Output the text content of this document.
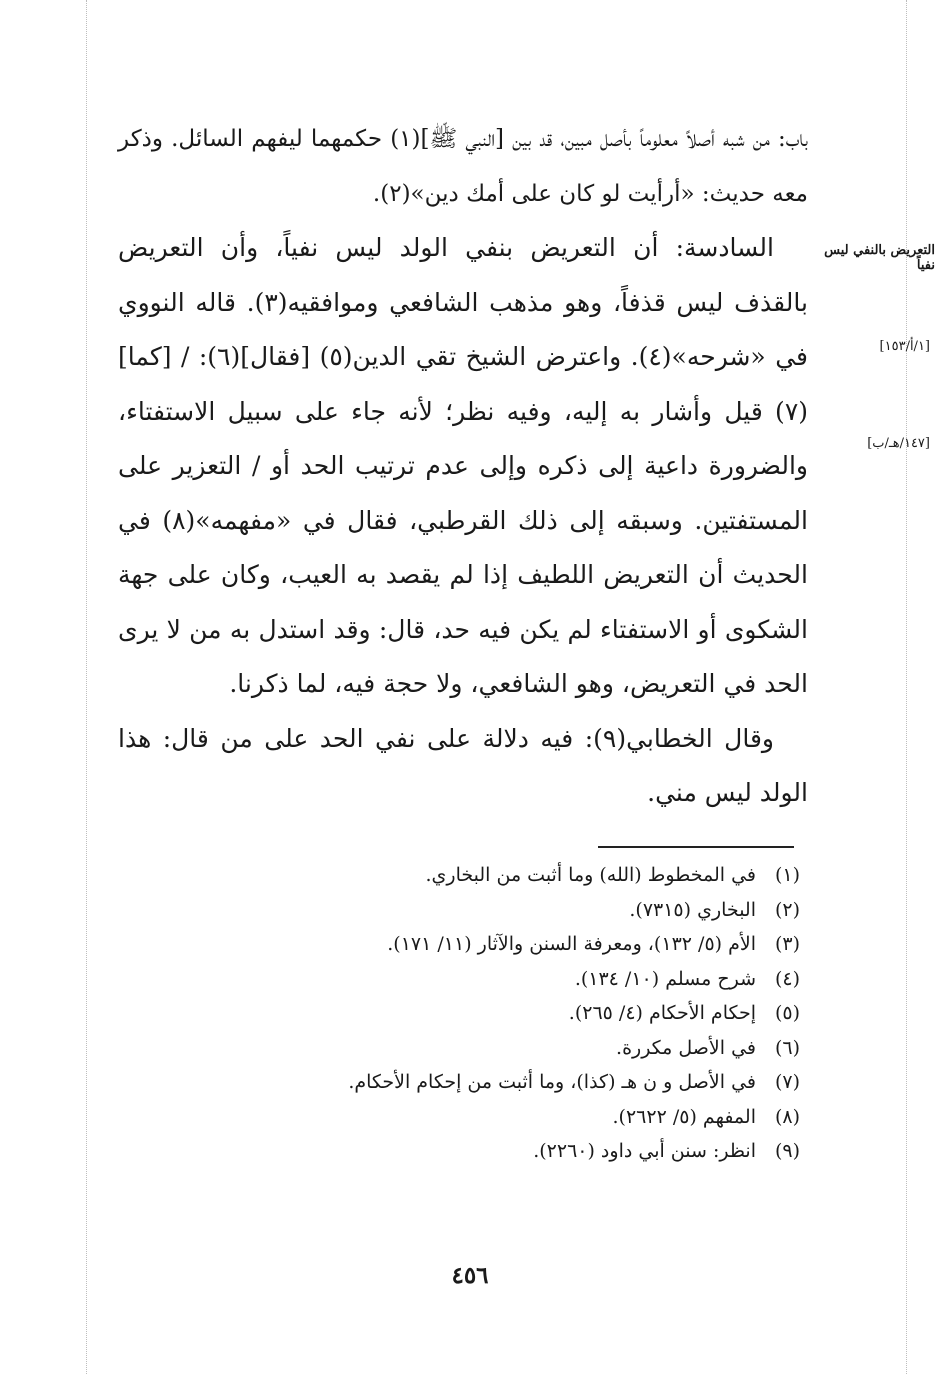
باب: من شبه أصلاً معلوماً بأصل مبين، قد بين [النبي ﷺ](١) حكمهما ليفهم السائل. وذكر معه حديث: «أرأيت لو كان على أمك دين»(٢).

السادسة: أن التعريض بنفي الولد ليس نفياً، وأن التعريض بالقذف ليس قذفاً، وهو مذهب الشافعي وموافقيه(٣). قاله النووي في «شرحه»(٤). واعترض الشيخ تقي الدين(٥) [فقال](٦): / [كما](٧) قيل وأشار به إليه، وفيه نظر؛ لأنه جاء على سبيل الاستفتاء، والضرورة داعية إلى ذكره وإلى عدم ترتيب الحد أو / التعزير على المستفتين. وسبقه إلى ذلك القرطبي، فقال في «مفهمه»(٨) في الحديث أن التعريض اللطيف إذا لم يقصد به العيب، وكان على جهة الشكوى أو الاستفتاء لم يكن فيه حد، قال: وقد استدل به من لا يرى الحد في التعريض، وهو الشافعي، ولا حجة فيه، لما ذكرنا.

وقال الخطابي(٩): فيه دلالة على نفي الحد على من قال: هذا الولد ليس مني.

التعريض بالنفي ليس نفياً
[١/أ/١٥٣]
[١٤٧/هـ/ب]
(١)في المخطوط (الله) وما أثبت من البخاري.
(٢)البخاري (٧٣١٥).
(٣)الأم (٥/ ١٣٢)، ومعرفة السنن والآثار (١١/ ١٧١).
(٤)شرح مسلم (١٠/ ١٣٤).
(٥)إحكام الأحكام (٤/ ٢٦٥).
(٦)في الأصل مكررة.
(٧)في الأصل و ن هـ (كذا)، وما أثبت من إحكام الأحكام.
(٨)المفهم (٥/ ٢٦٢٢).
(٩)انظر: سنن أبي داود (٢٢٦٠).
٤٥٦
